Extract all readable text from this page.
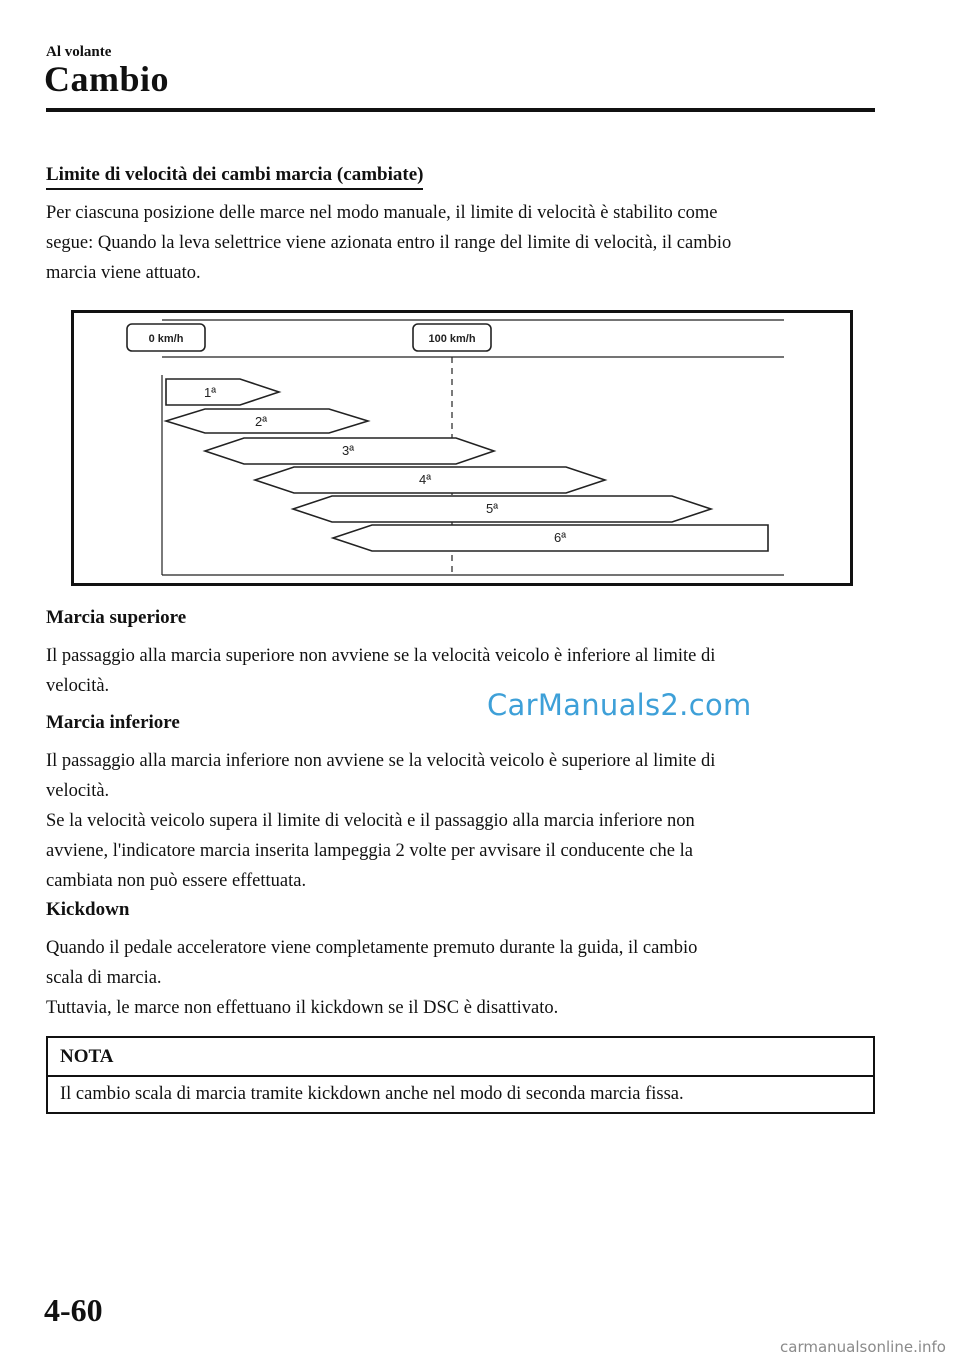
Al volante
Cambio
Limite di velocità dei cambi marcia (cambiate)
Per ciascuna posizione delle marce nel modo manuale, il limite di velocità è stabilito come
segue: Quando la leva selettrice viene azionata entro il range del limite di velocità, il cambio
marcia viene attuato.
0 km/h	100 km/h
1ª
2ª
3ª
4ª
5ª
6ª
Marcia superiore
Il passaggio alla marcia superiore non avviene se la velocità veicolo è inferiore al limite di
velocità.
Marcia inferiore
Il passaggio alla marcia inferiore non avviene se la velocità veicolo è superiore al limite di
velocità.
Se la velocità veicolo supera il limite di velocità e il passaggio alla marcia inferiore non
avviene, l'indicatore marcia inserita lampeggia 2 volte per avvisare il conducente che la
cambiata non può essere effettuata.
Kickdown
Quando il pedale acceleratore viene completamente premuto durante la guida, il cambio
scala di marcia.
Tuttavia, le marce non effettuano il kickdown se il DSC è disattivato.
CarManuals2.com
NOTA
Il cambio scala di marcia tramite kickdown anche nel modo di seconda marcia fissa.
4-60
carmanualsonline.info
